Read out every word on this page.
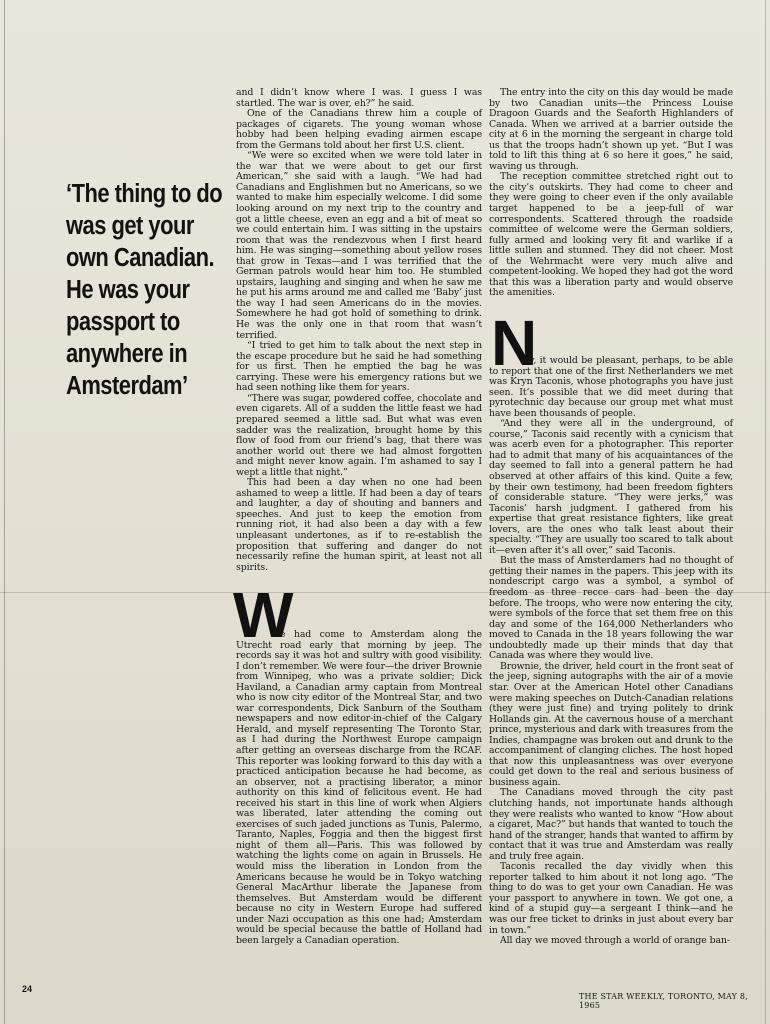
‘The thing to do was get your own Canadian. He was your passport to anywhere in Amsterdam’

and I didn’t know where I was. I guess I was startled. The war is over, eh?” he said.

One of the Canadians threw him a couple of packages of cigarets. The young woman whose hobby had been helping evading airmen escape from the Germans told about her first U.S. client.

“We were so excited when we were told later in the war that we were about to get our first American,” she said with a laugh. “We had had Canadians and Englishmen but no Americans, so we wanted to make him especially welcome. I did some looking around on my next trip to the country and got a little cheese, even an egg and a bit of meat so we could entertain him. I was sitting in the upstairs room that was the rendezvous when I first heard him. He was singing—something about yellow roses that grow in Texas—and I was terrified that the German patrols would hear him too. He stumbled upstairs, laughing and singing and when he saw me he put his arms around me and called me ‘Baby’ just the way I had seen Americans do in the movies. Somewhere he had got hold of something to drink. He was the only one in that room that wasn’t terrified.

“I tried to get him to talk about the next step in the escape procedure but he said he had something for us first. Then he emptied the bag he was carrying. These were his emergency rations but we had seen nothing like them for years.

“There was sugar, powdered coffee, chocolate and even cigarets. All of a sudden the little feast we had prepared seemed a little sad. But what was even sadder was the realization, brought home by this flow of food from our friend’s bag, that there was another world out there we had almost forgotten and might never know again. I’m ashamed to say I wept a little that night.”

This had been a day when no one had been ashamed to weep a little. If had been a day of tears and laughter, a day of shouting and banners and speeches. And just to keep the emotion from running riot, it had also been a day with a few unpleasant undertones, as if to re-establish the proposition that suffering and danger do not necessarily refine the human spirit, at least not all spirits.

W

e had come to Amsterdam along the Utrecht road early that morning by jeep. The records say it was hot and sultry with good visibility. I don’t remember. We were four—the driver Brownie from Winnipeg, who was a private soldier; Dick Haviland, a Canadian army captain from Montreal who is now city editor of the Montreal Star, and two war correspondents, Dick Sanburn of the Southam newspapers and now editor-in-chief of the Calgary Herald, and myself representing The Toronto Star, as I had during the Northwest Europe campaign after getting an overseas discharge from the RCAF. This reporter was looking forward to this day with a practiced anticipation because he had become, as an observer, not a practising liberator, a minor authority on this kind of felicitous event. He had received his start in this line of work when Algiers was liberated, later attending the coming out exercises of such jaded junctions as Tunis, Palermo, Taranto, Naples, Foggia and then the biggest first night of them all—Paris. This was followed by watching the lights come on again in Brussels. He would miss the liberation in London from the Americans because he would be in Tokyo watching General MacArthur liberate the Japanese from themselves. But Amsterdam would be different because no city in Western Europe had suffered under Nazi occupation as this one had; Amsterdam would be special because the battle of Holland had been largely a Canadian operation.

The entry into the city on this day would be made by two Canadian units—the Princess Louise Dragoon Guards and the Seaforth Highlanders of Canada. When we arrived at a barrier outside the city at 6 in the morning the sergeant in charge told us that the troops hadn’t shown up yet. “But I was told to lift this thing at 6 so here it goes,” he said, waving us through.

The reception committee stretched right out to the city’s outskirts. They had come to cheer and they were going to cheer even if the only available target happened to be a jeep-full of war correspondents. Scattered through the roadside committee of welcome were the German soldiers, fully armed and looking very fit and warlike if a little sullen and stunned. They did not cheer. Most of the Wehrmacht were very much alive and competent-looking. We hoped they had got the word that this was a liberation party and would observe the amenities.

N

ow, it would be pleasant, perhaps, to be able to report that one of the first Netherlanders we met was Kryn Taconis, whose photographs you have just seen. It’s possible that we did meet during that pyrotechnic day because our group met what must have been thousands of people.

“And they were all in the underground, of course,” Taconis said recently with a cynicism that was acerb even for a photographer. This reporter had to admit that many of his acquaintances of the day seemed to fall into a general pattern he had observed at other affairs of this kind. Quite a few, by their own testimony, had been freedom fighters of considerable stature. “They were jerks,” was Taconis’ harsh judgment. I gathered from his expertise that great resistance fighters, like great lovers, are the ones who talk least about their specialty. “They are usually too scared to talk about it—even after it’s all over,” said Taconis.

But the mass of Amsterdamers had no thought of getting their names in the papers. This jeep with its nondescript cargo was a symbol, a symbol of freedom as three recce cars had been the day before. The troops, who were now entering the city, were symbols of the force that set them free on this day and some of the 164,000 Netherlanders who moved to Canada in the 18 years following the war undoubtedly made up their minds that day that Canada was where they would live.

Brownie, the driver, held court in the front seat of the jeep, signing autographs with the air of a movie star. Over at the American Hotel other Canadians were making speeches on Dutch-Canadian relations (they were just fine) and trying politely to drink Hollands gin. At the cavernous house of a merchant prince, mysterious and dark with treasures from the Indies, champagne was broken out and drunk to the accompaniment of clanging cliches. The host hoped that now this unpleasantness was over everyone could get down to the real and serious business of business again.

The Canadians moved through the city past clutching hands, not importunate hands although they were realists who wanted to know “How about a cigaret, Mac?” but hands that wanted to touch the hand of the stranger, hands that wanted to affirm by contact that it was true and Amsterdam was really and truly free again.

Taconis recalled the day vividly when this reporter talked to him about it not long ago. “The thing to do was to get your own Canadian. He was your passport to anywhere in town. We got one, a kind of a stupid guy—a sergeant I think—and he was our free ticket to drinks in just about every bar in town.”

All day we moved through a world of orange ban-

24
THE STAR WEEKLY, TORONTO, MAY 8, 1965
